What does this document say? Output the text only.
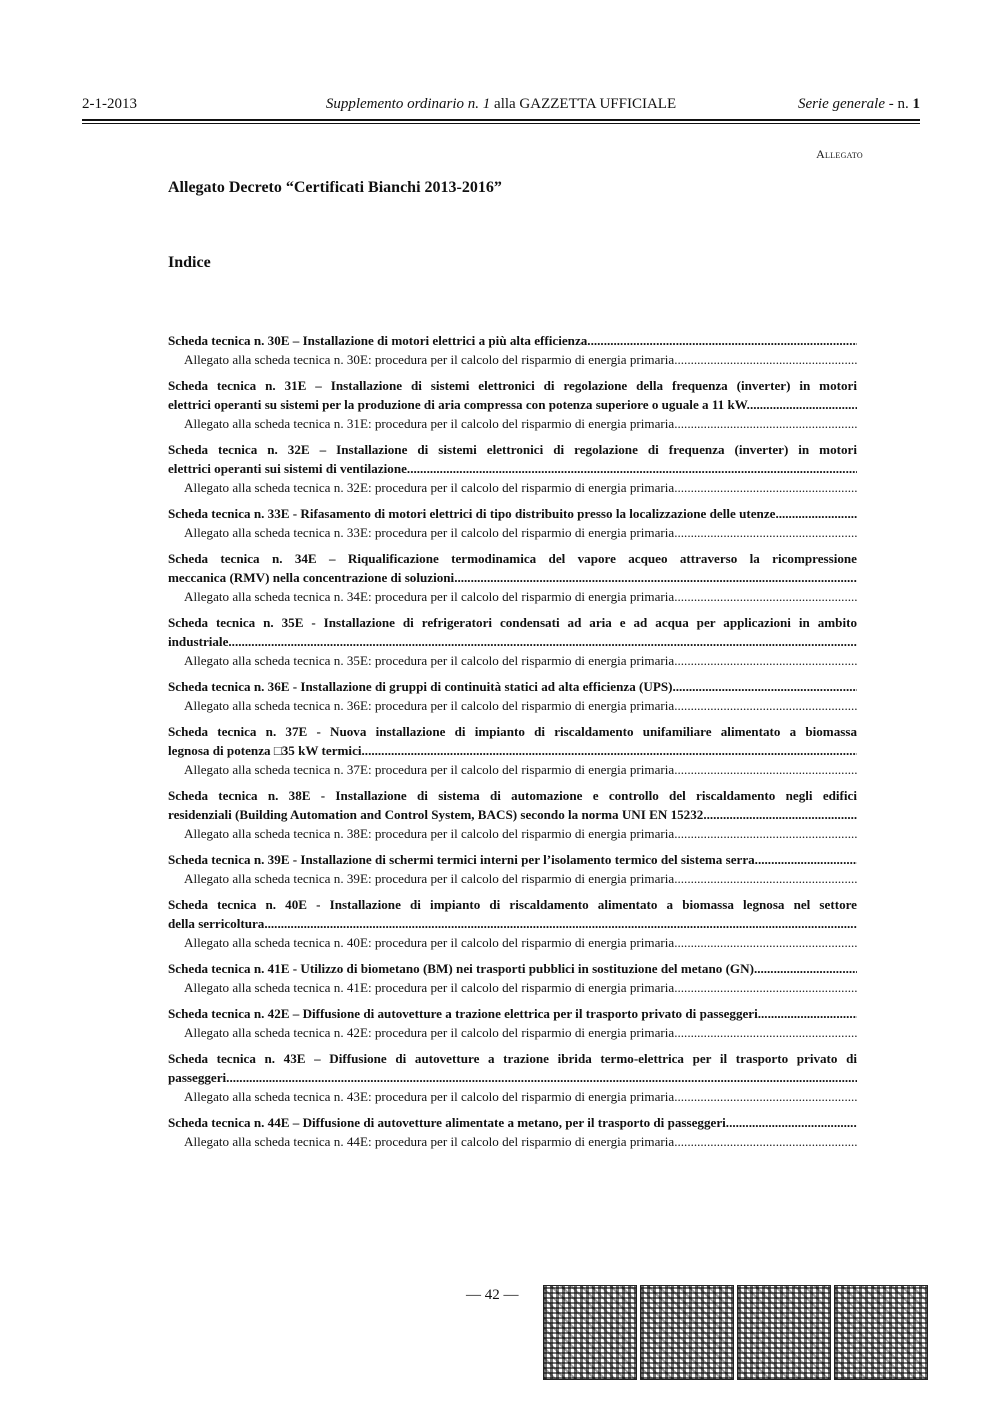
2-1-2013	Supplemento ordinario n. 1 alla GAZZETTA UFFICIALE	Serie generale - n. 1
Allegato
Allegato Decreto “Certificati Bianchi 2013-2016”
Indice
Scheda tecnica n. 30E – Installazione di motori elettrici a più alta efficienza.
.....
Allegato alla scheda tecnica n. 30E: procedura per il calcolo del risparmio di energia primaria
.....
Scheda tecnica n. 31E – Installazione di sistemi elettronici di regolazione della frequenza (inverter) in motori
elettrici operanti su sistemi per la produzione di aria compressa con potenza superiore o uguale a 11 kW.
.....
Allegato alla scheda tecnica n. 31E: procedura per il calcolo del risparmio di energia primaria
.....
Scheda tecnica n. 32E – Installazione di sistemi elettronici di regolazione di frequenza (inverter) in motori
elettrici operanti sui sistemi di ventilazione.
.....
Allegato alla scheda tecnica n. 32E: procedura per il calcolo del risparmio di energia primaria
.....
Scheda tecnica n. 33E - Rifasamento di motori elettrici di tipo distribuito presso la localizzazione delle utenze.
.....
Allegato alla scheda tecnica n. 33E: procedura per il calcolo del risparmio di energia primaria
.....
Scheda tecnica n. 34E – Riqualificazione termodinamica del vapore acqueo attraverso la ricompressione
meccanica (RMV) nella concentrazione di soluzioni.
.....
Allegato alla scheda tecnica n. 34E: procedura per il calcolo del risparmio di energia primaria
.....
Scheda tecnica n. 35E - Installazione di refrigeratori condensati ad aria e ad acqua per applicazioni in ambito
industriale
.....
Allegato alla scheda tecnica n. 35E: procedura per il calcolo del risparmio di energia primaria
.....
Scheda tecnica n. 36E - Installazione di gruppi di continuità statici ad alta efficienza (UPS)
.....
Allegato alla scheda tecnica n. 36E: procedura per il calcolo del risparmio di energia primaria
.....
Scheda tecnica n. 37E - Nuova installazione di impianto di riscaldamento unifamiliare alimentato a biomassa
legnosa di potenza □35 kW termici
.....
Allegato alla scheda tecnica n. 37E: procedura per il calcolo del risparmio di energia primaria
.....
Scheda tecnica n. 38E - Installazione di sistema di automazione e controllo del riscaldamento negli edifici
residenziali (Building Automation and Control System, BACS) secondo la norma UNI EN 15232
.....
Allegato alla scheda tecnica n. 38E: procedura per il calcolo del risparmio di energia primaria
.....
Scheda tecnica n. 39E - Installazione di schermi termici interni per l’isolamento termico del sistema serra.
.....
Allegato alla scheda tecnica n. 39E: procedura per il calcolo del risparmio di energia primaria
.....
Scheda tecnica n. 40E - Installazione di impianto di riscaldamento alimentato a biomassa legnosa nel settore
della serricoltura
.....
Allegato alla scheda tecnica n. 40E: procedura per il calcolo del risparmio di energia primaria
.....
Scheda tecnica n. 41E - Utilizzo di biometano (BM) nei trasporti pubblici in sostituzione del metano (GN)
.....
Allegato alla scheda tecnica n. 41E: procedura per il calcolo del risparmio di energia primaria
.....
Scheda tecnica n. 42E – Diffusione di autovetture a trazione elettrica per il trasporto privato di passeggeri.
.....
Allegato alla scheda tecnica n. 42E: procedura per il calcolo del risparmio di energia primaria
.....
Scheda tecnica n. 43E – Diffusione di autovetture a trazione ibrida termo-elettrica per il trasporto privato di
passeggeri.
.....
Allegato alla scheda tecnica n. 43E: procedura per il calcolo del risparmio di energia primaria
.....
Scheda tecnica n. 44E – Diffusione di autovetture alimentate a metano, per il trasporto di passeggeri.
.....
Allegato alla scheda tecnica n. 44E: procedura per il calcolo del risparmio di energia primaria
.....
— 42 —
